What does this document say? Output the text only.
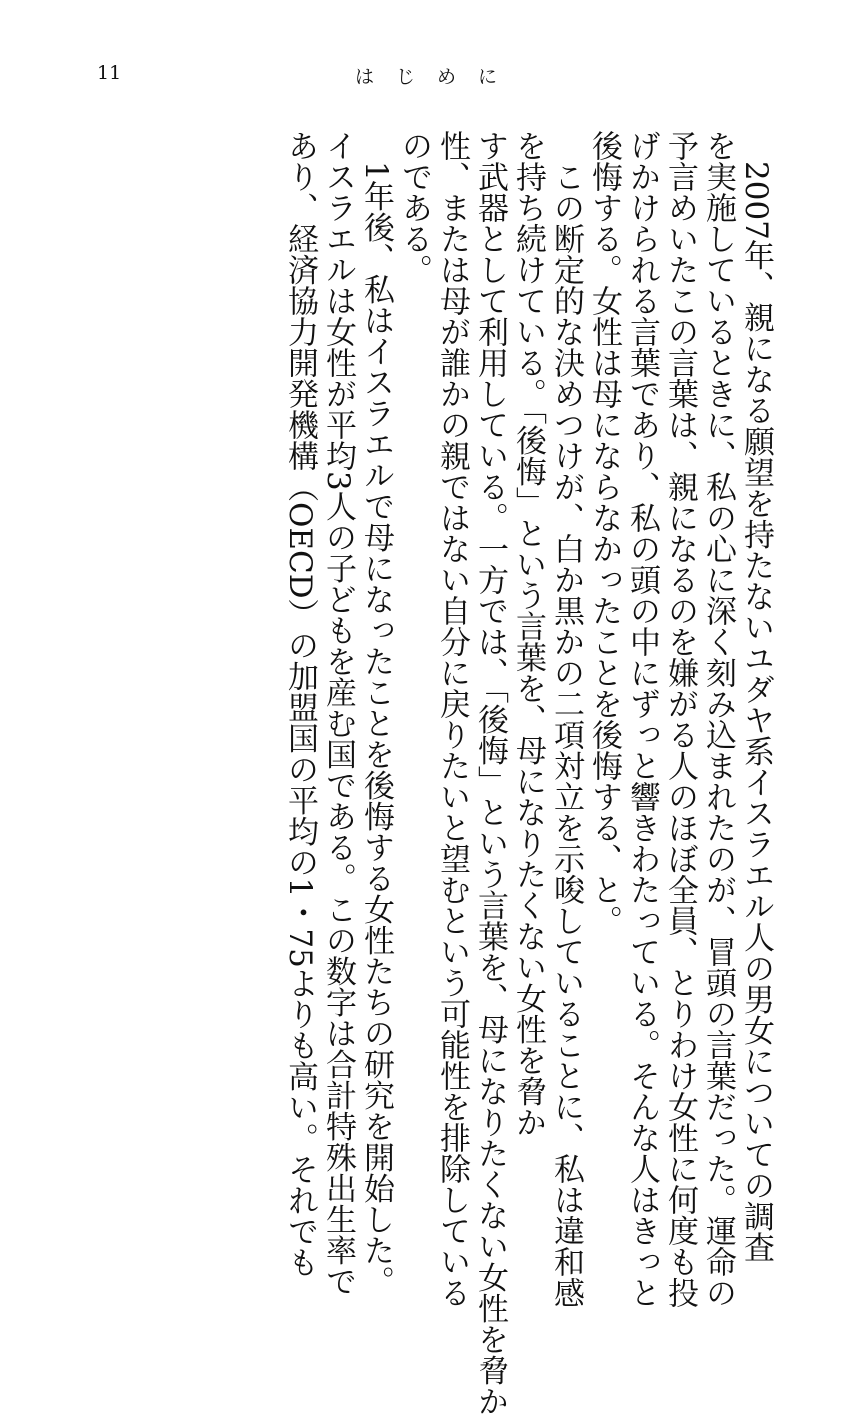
11	はじめに
2007年、親になる願望を持たないユダヤ系イスラエル人の男女についての調査
を実施しているときに、私の心に深く刻み込まれたのが、冒頭の言葉だった。運命の
予言めいたこの言葉は、親になるのを嫌がる人のほぼ全員、とりわけ女性に何度も投
げかけられる言葉であり、私の頭の中にずっと響きわたっている。そんな人はきっと
後悔する。女性は母にならなかったことを後悔する、と。
この断定的な決めつけが、白か黒かの二項対立を示唆していることに、私は違和感
を持ち続けている。「後悔」という言葉を、母になりたくない女性を脅か
す武器として利用している。一方では、「後悔」という言葉を、母になりたくない女性を脅か
性、または母が誰かの親ではない自分に戻りたいと望むという可能性を排除している
のである。
1年後、私はイスラエルで母になったことを後悔する女性たちの研究を開始した。
イスラエルは女性が平均3人の子どもを産む国である。この数字は合計特殊出生率で
あり、経済協力開発機構（OECD）の加盟国の平均の1・75よりも高い。それでも
